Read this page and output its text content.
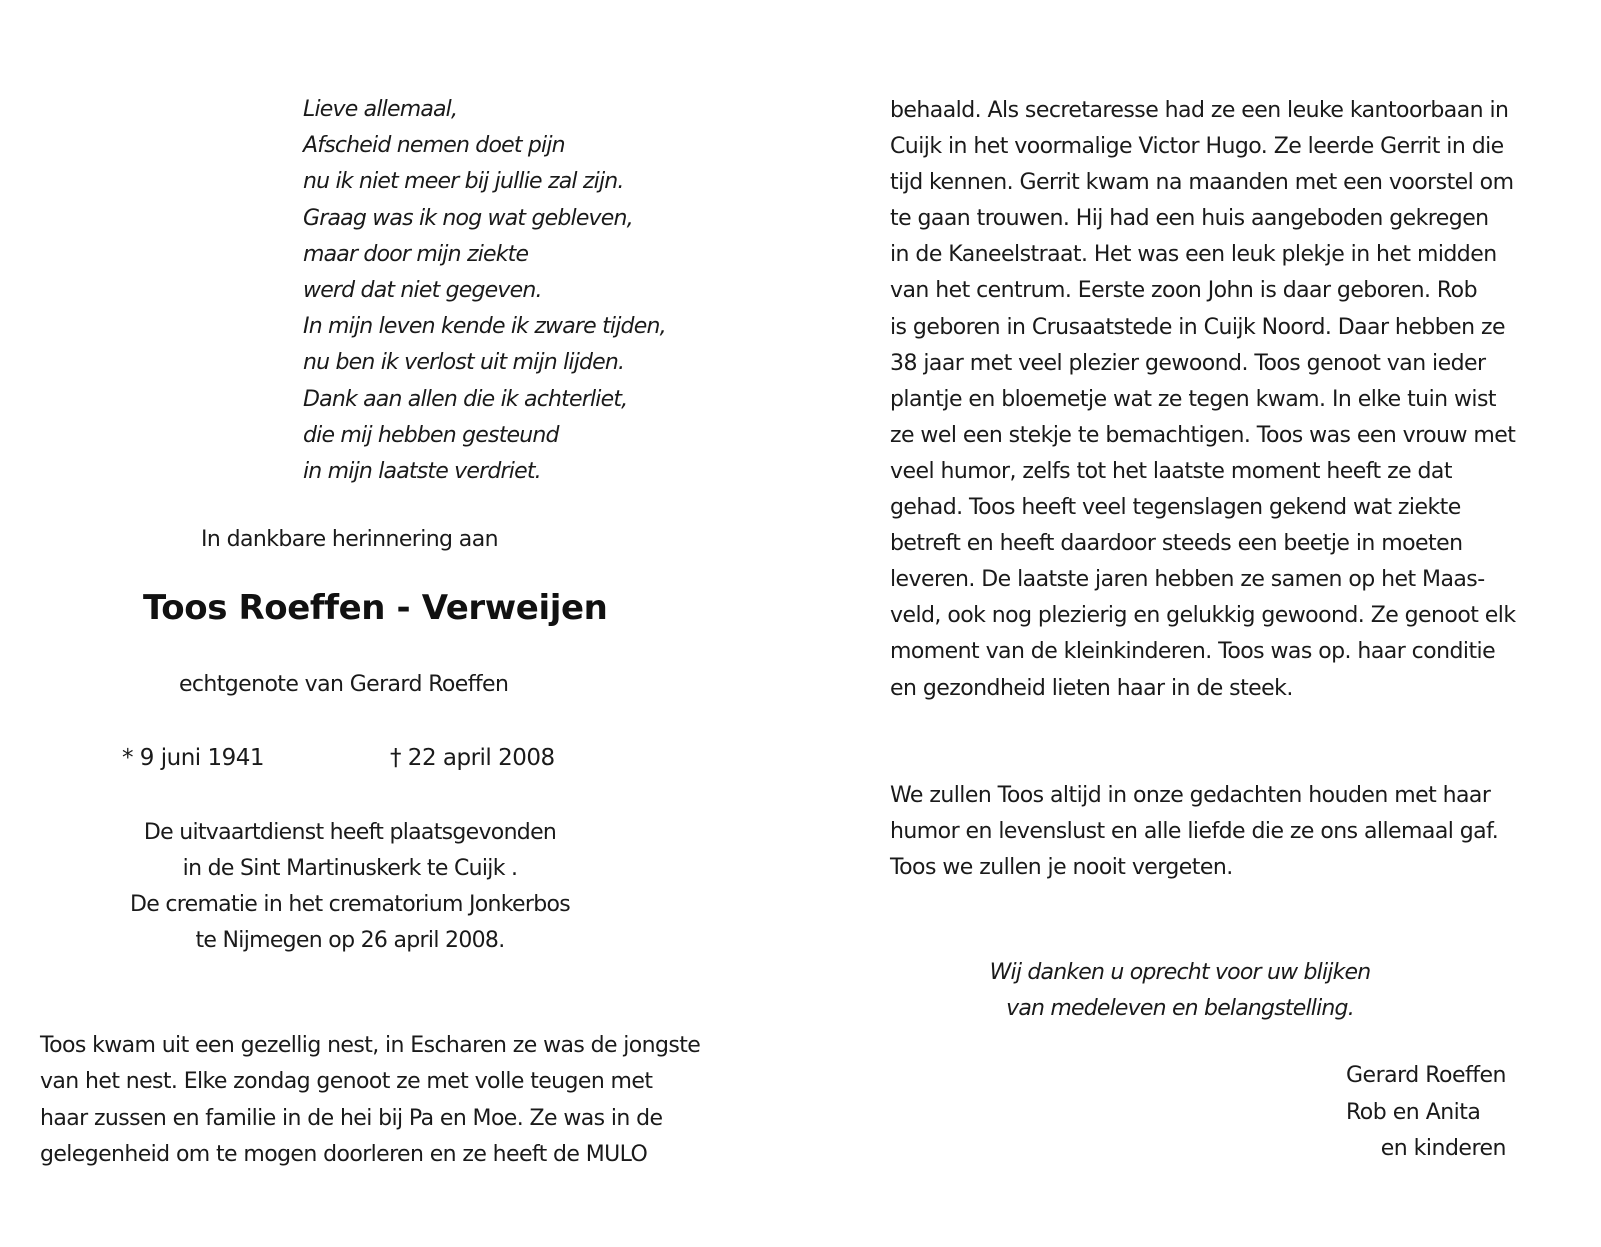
Lieve allemaal,
Afscheid nemen doet pijn
nu ik niet meer bij jullie zal zijn.
Graag was ik nog wat gebleven,
maar door mijn ziekte
werd dat niet gegeven.
In mijn leven kende ik zware tijden,
nu ben ik verlost uit mijn lijden.
Dank aan allen die ik achterliet,
die mij hebben gesteund
in mijn laatste verdriet.
In dankbare herinnering aan
Toos Roeffen - Verweijen
echtgenote van Gerard Roeffen
* 9 juni 1941	† 22 april 2008
De uitvaartdienst heeft plaatsgevonden
in de Sint Martinuskerk te Cuijk .
De crematie in het crematorium Jonkerbos
te Nijmegen op 26 april 2008.
Toos kwam uit een gezellig nest, in Escharen ze was de jongste
van het nest. Elke zondag genoot ze met volle teugen met
haar zussen en familie in de hei bij Pa en Moe. Ze was in de
gelegenheid om te mogen doorleren en ze heeft de MULO
behaald. Als secretaresse had ze een leuke kantoorbaan in
Cuijk in het voormalige Victor Hugo. Ze leerde Gerrit in die
tijd kennen. Gerrit kwam na maanden met een voorstel om
te gaan trouwen. Hij had een huis aangeboden gekregen
in de Kaneelstraat. Het was een leuk plekje in het midden
van het centrum. Eerste zoon John is daar geboren. Rob
is geboren in Crusaatstede in Cuijk Noord. Daar hebben ze
38 jaar met veel plezier gewoond. Toos genoot van ieder
plantje en bloemetje wat ze tegen kwam. In elke tuin wist
ze wel een stekje te bemachtigen. Toos was een vrouw met
veel humor, zelfs tot het laatste moment heeft ze dat
gehad. Toos heeft veel tegenslagen gekend wat ziekte
betreft en heeft daardoor steeds een beetje in moeten
leveren. De laatste jaren hebben ze samen op het Maas-
veld, ook nog plezierig en gelukkig gewoond. Ze genoot elk
moment van de kleinkinderen. Toos was op. haar conditie
en gezondheid lieten haar in de steek.
We zullen Toos altijd in onze gedachten houden met haar
humor en levenslust en alle liefde die ze ons allemaal gaf.
Toos we zullen je nooit vergeten.
Wij danken u oprecht voor uw blijken
van medeleven en belangstelling.
Gerard Roeffen
Rob en Anita
en kinderen
